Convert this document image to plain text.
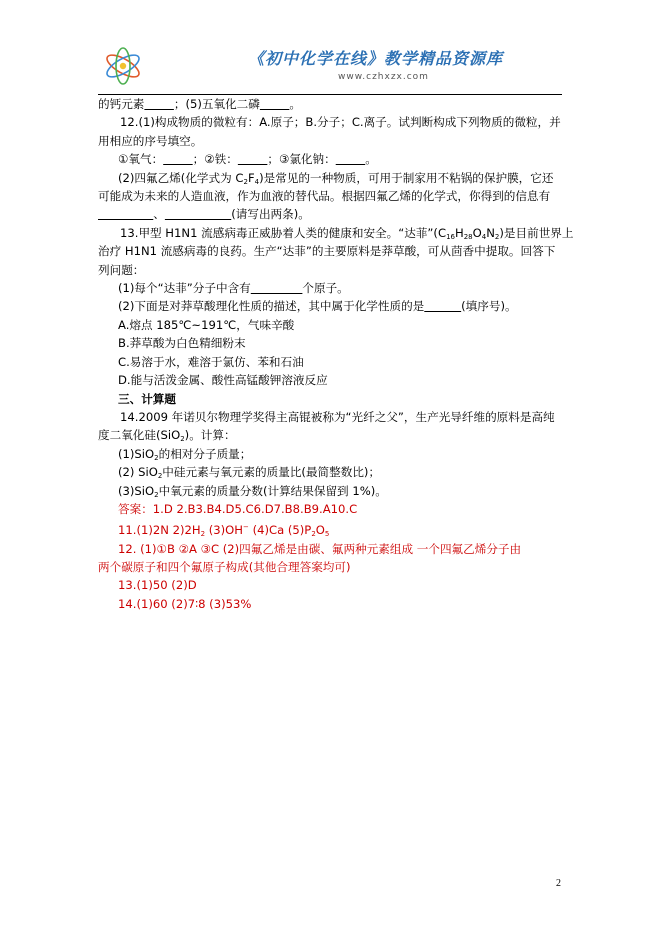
《初中化学在线》教学精品资源库
www.czhxzx.com
的钙元素	；(5)五氧化二磷	。
12.(1)构成物质的微粒有：A.原子；B.分子；C.离子。试判断构成下列物质的微粒，并
用相应的序号填空。
①氧气：	；②铁：	；③氯化钠：	。
(2)四氟乙烯(化学式为 $C_2F_4$)是常见的一种物质，可用于制家用不粘锅的保护膜，它还
可能成为未来的人造血液，作为血液的替代品。根据四氟乙烯的化学式，你得到的信息有
、	(请写出两条)。
13.甲型 H1N1 流感病毒正威胁着人类的健康和安全。“达菲$”(C_{16}H_{28}O_4N_2)$是目前世界上
治疗 H1N1 流感病毒的良药。生产“达菲”的主要原料是莽草酸，可从茴香中提取。回答下
列问题：
(1)每个“达菲”分子中含有	个原子。
(2)下面是对莽草酸理化性质的描述，其中属于化学性质的是	(填序号)。
A.熔点 185℃~191℃，气味辛酸
B.莽草酸为白色精细粉末
C.易溶于水，难溶于氯仿、苯和石油
D.能与活泼金属、酸性高锰酸钾溶液反应
三、计算题
14.2009 年诺贝尔物理学奖得主高锟被称为“光纤之父”，生产光导纤维的原料是高纯
度二氧化硅(SiO$_2$)。计算：
(1)SiO$_2$的相对分子质量；
(2) SiO$_2$中硅元素与氧元素的质量比(最简整数比)；
(3)SiO$_2$中氧元素的质量分数(计算结果保留到 1%)。
答案：1.D 2.B3.B4.D5.C6.D7.B8.B9.A10.C
11.(1)2N $2)2H_2$ (3)OH− (4)Ca $(5)P_2O_5$
12. (1)①B ②A ③C (2)四氟乙烯是由碳、氟两种元素组成 一个四氟乙烯分子由
两个碳原子和四个氟原子构成(其他合理答案均可)
13.(1)50 (2)D
14.(1)60 (2)7∶8 (3)53%
2
